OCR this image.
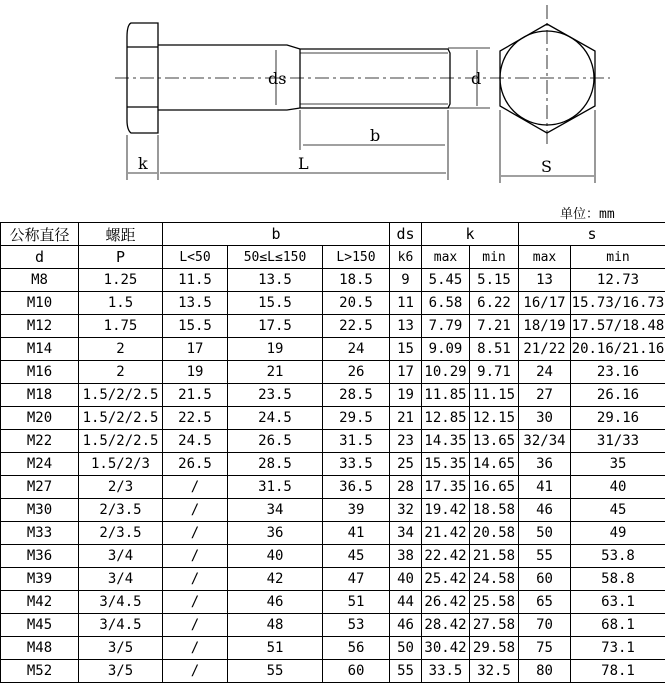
ds	d
b
k	L	S
单位：mm
公称直径	螺距	b			ds	k		s	
d	P	L<50	50≤L≤150	L>150	k6	max	min	max	min
M8	1.25	11.5	13.5	18.5	9	5.45	5.15	13	12.73
M10	1.5	13.5	15.5	20.5	11	6.58	6.22	16/17	15.73/16.73
M12	1.75	15.5	17.5	22.5	13	7.79	7.21	18/19	17.57/18.48
M14	2	17	19	24	15	9.09	8.51	21/22	20.16/21.16
M16	2	19	21	26	17	10.29	9.71	24	23.16
M18	1.5/2/2.5	21.5	23.5	28.5	19	11.85	11.15	27	26.16
M20	1.5/2/2.5	22.5	24.5	29.5	21	12.85	12.15	30	29.16
M22	1.5/2/2.5	24.5	26.5	31.5	23	14.35	13.65	32/34	31/33
M24	1.5/2/3	26.5	28.5	33.5	25	15.35	14.65	36	35
M27	2/3	/	31.5	36.5	28	17.35	16.65	41	40
M30	2/3.5	/	34	39	32	19.42	18.58	46	45
M33	2/3.5	/	36	41	34	21.42	20.58	50	49
M36	3/4	/	40	45	38	22.42	21.58	55	53.8
M39	3/4	/	42	47	40	25.42	24.58	60	58.8
M42	3/4.5	/	46	51	44	26.42	25.58	65	63.1
M45	3/4.5	/	48	53	46	28.42	27.58	70	68.1
M48	3/5	/	51	56	50	30.42	29.58	75	73.1
M52	3/5	/	55	60	55	33.5	32.5	80	78.1
